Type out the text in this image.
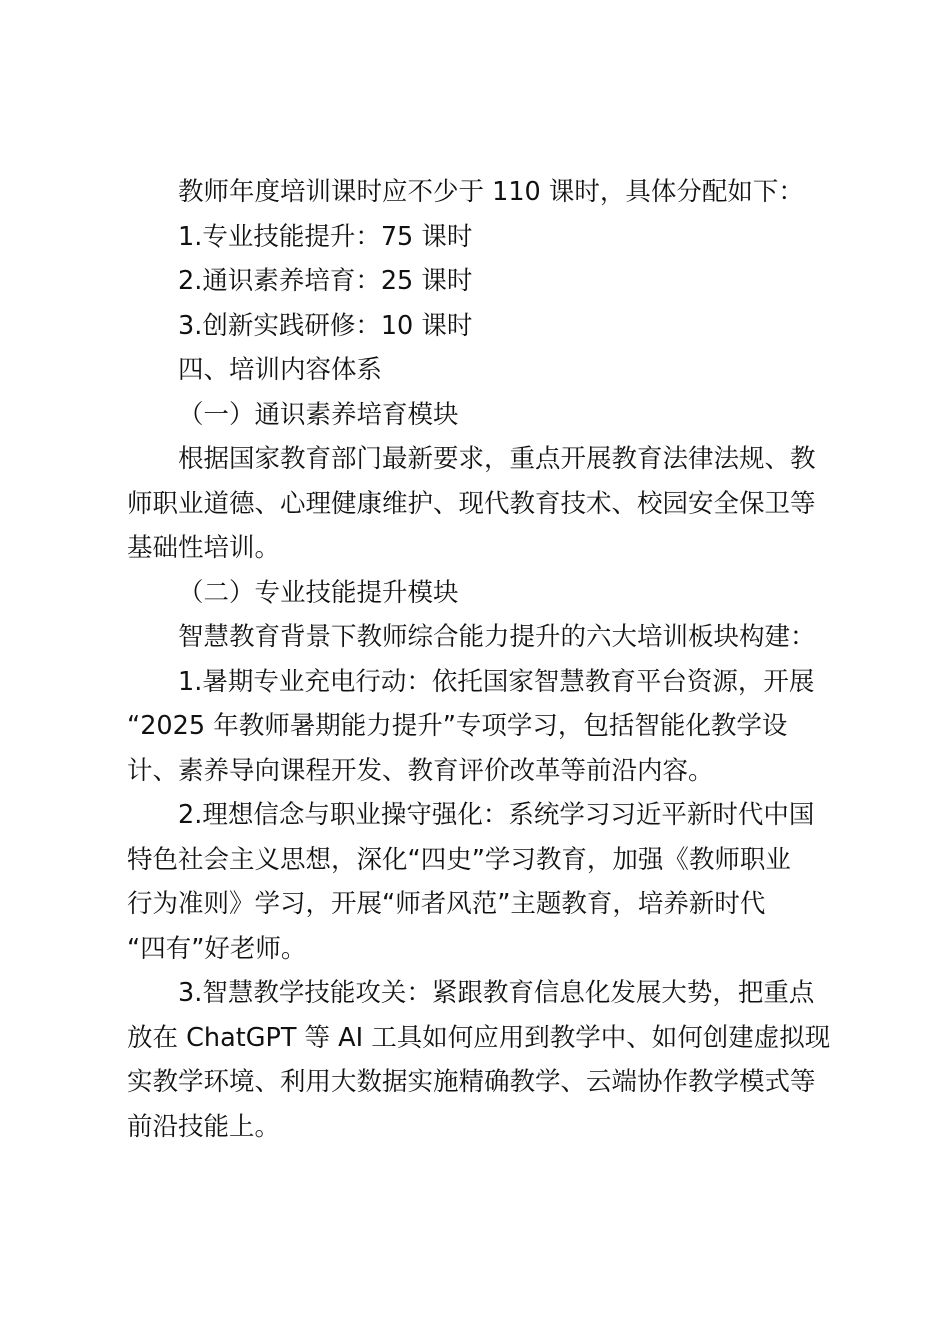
教师年度培训课时应不少于 110 课时，具体分配如下：
1.专业技能提升：75 课时
2.通识素养培育：25 课时
3.创新实践研修：10 课时
四、培训内容体系
（一）通识素养培育模块
根据国家教育部门最新要求，重点开展教育法律法规、教
师职业道德、心理健康维护、现代教育技术、校园安全保卫等
基础性培训。
（二）专业技能提升模块
智慧教育背景下教师综合能力提升的六大培训板块构建：
1.暑期专业充电行动：依托国家智慧教育平台资源，开展
“2025 年教师暑期能力提升”专项学习，包括智能化教学设
计、素养导向课程开发、教育评价改革等前沿内容。
2.理想信念与职业操守强化：系统学习习近平新时代中国
特色社会主义思想，深化“四史”学习教育，加强《教师职业
行为准则》学习，开展“师者风范”主题教育，培养新时代
“四有”好老师。
3.智慧教学技能攻关：紧跟教育信息化发展大势，把重点
放在 ChatGPT 等 AI 工具如何应用到教学中、如何创建虚拟现
实教学环境、利用大数据实施精确教学、云端协作教学模式等
前沿技能上。
